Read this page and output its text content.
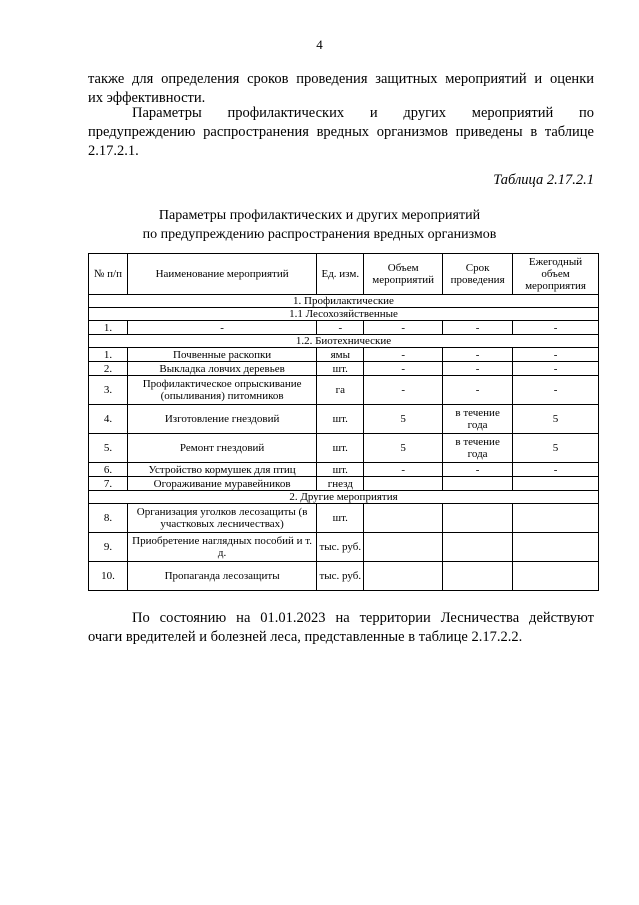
4
также для определения сроков проведения защитных мероприятий и оценки
их эффективности.
Параметры профилактических и других мероприятий по
предупреждению распространения вредных организмов приведены в таблице
2.17.2.1.
Таблица 2.17.2.1
Параметры профилактических и других мероприятий
по предупреждению распространения вредных организмов
№ п/п	Наименование мероприятий	Ед. изм.	Объем мероприятий	Срок проведения	Ежегодный объем мероприятия
1. Профилактические					
1.1 Лесохозяйственные					
1.	-	-	-	-	-
1.2. Биотехнические					
1.	Почвенные раскопки	ямы	-	-	-
2.	Выкладка ловчих деревьев	шт.	-	-	-
3.	Профилактическое опрыскивание (опыливания) питомников	га	-	-	-
4.	Изготовление гнездовий	шт.	5	в течение года	5
5.	Ремонт гнездовий	шт.	5	в течение года	5
6.	Устройство кормушек для птиц	шт.	-	-	-
7.	Огораживание муравейников	гнезд			
2. Другие мероприятия					
8.	Организация уголков лесозащиты (в участковых лесничествах)	шт.			
9.	Приобретение наглядных пособий и т. д.	тыс. руб.			
10.	Пропаганда лесозащиты	тыс. руб.			
По состоянию на 01.01.2023 на территории Лесничества действуют
очаги вредителей и болезней леса, представленные в таблице 2.17.2.2.
